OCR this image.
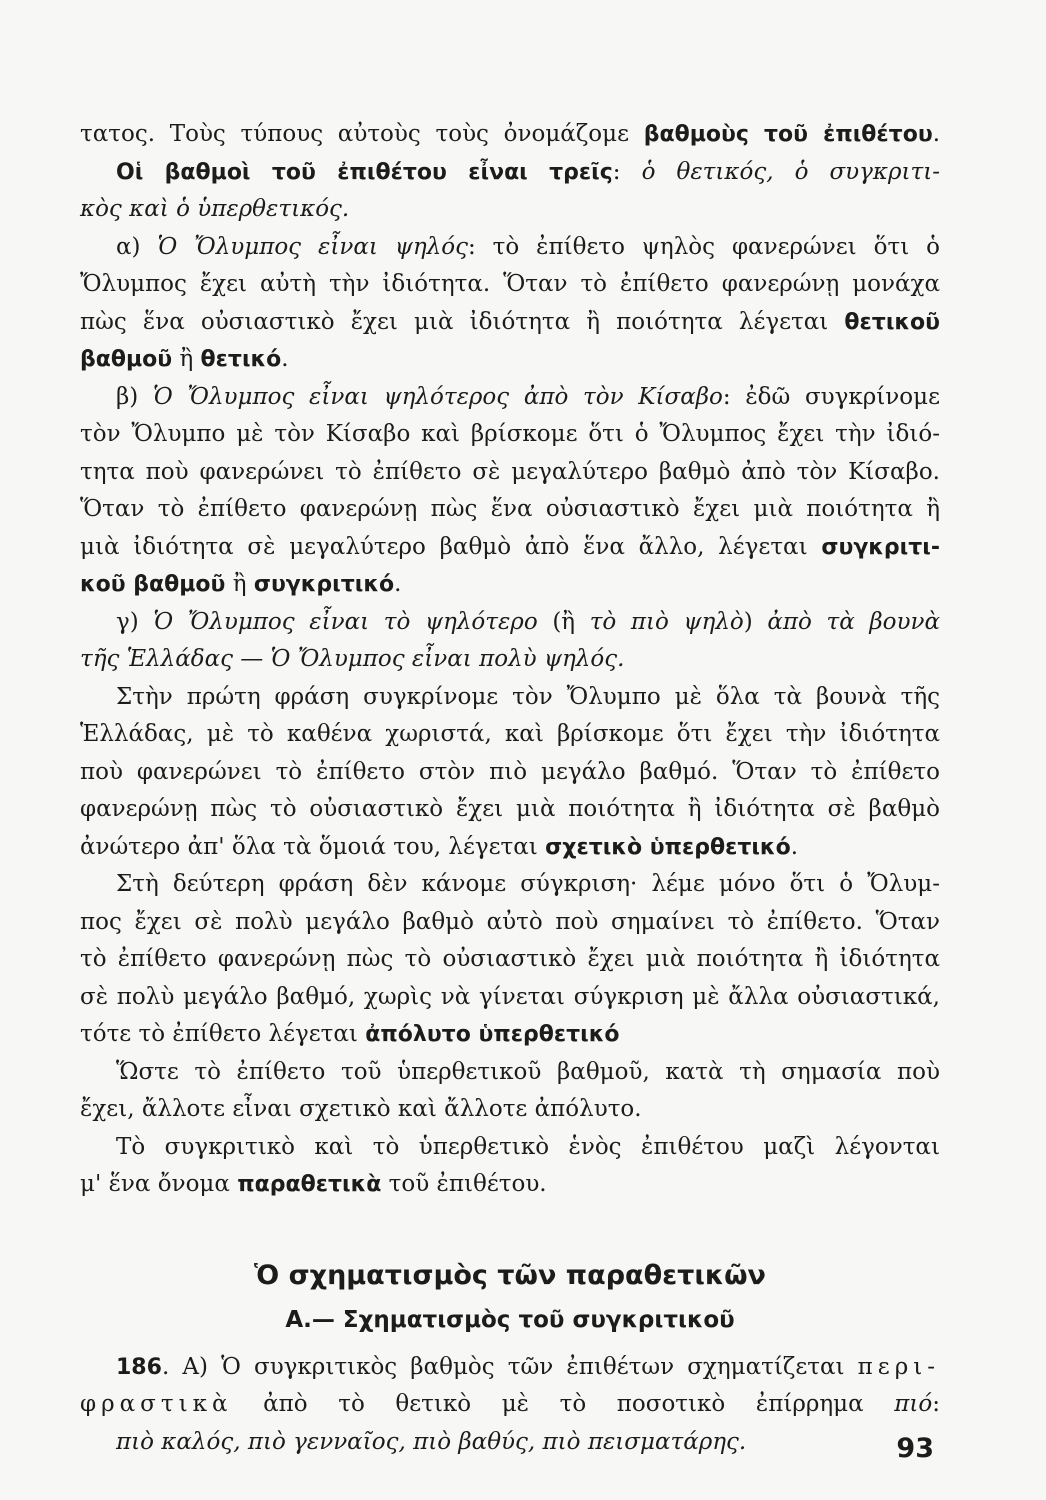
τατος. Τοὺς τύπους αὐτοὺς τοὺς ὀνομάζομε βαθμοὺς τοῦ ἐπιθέτου.
Οἱ βαθμοὶ τοῦ ἐπιθέτου εἶναι τρεῖς: ὁ θετικός, ὁ συγκριτι-
κὸς καὶ ὁ ὑπερθετικός.
α) Ὁ Ὄλυμπος εἶναι ψηλός: τὸ ἐπίθετο ψηλὸς φανερώνει ὅτι ὁ
Ὄλυμπος ἔχει αὐτὴ τὴν ἰδιότητα. Ὅταν τὸ ἐπίθετο φανερώνῃ μονάχα
πὼς ἕνα οὐσιαστικὸ ἔχει μιὰ ἰδιότητα ἢ ποιότητα λέγεται θετικοῦ
βαθμοῦ ἢ θετικό.
β) Ὁ Ὄλυμπος εἶναι ψηλότερος ἀπὸ τὸν Κίσαβο: ἐδῶ συγκρίνομε
τὸν Ὄλυμπο μὲ τὸν Κίσαβο καὶ βρίσκομε ὅτι ὁ Ὄλυμπος ἔχει τὴν ἰδιό-
τητα ποὺ φανερώνει τὸ ἐπίθετο σὲ μεγαλύτερο βαθμὸ ἀπὸ τὸν Κίσαβο.
Ὅταν τὸ ἐπίθετο φανερώνῃ πὼς ἕνα οὐσιαστικὸ ἔχει μιὰ ποιότητα ἢ
μιὰ ἰδιότητα σὲ μεγαλύτερο βαθμὸ ἀπὸ ἕνα ἄλλο, λέγεται συγκριτι-
κοῦ βαθμοῦ ἢ συγκριτικό.
γ) Ὁ Ὄλυμπος εἶναι τὸ ψηλότερο (ἢ τὸ πιὸ ψηλὸ) ἀπὸ τὰ βουνὰ
τῆς Ἑλλάδας — Ὁ Ὄλυμπος εἶναι πολὺ ψηλός.
Στὴν πρώτη φράση συγκρίνομε τὸν Ὄλυμπο μὲ ὅλα τὰ βουνὰ τῆς
Ἑλλάδας, μὲ τὸ καθένα χωριστά, καὶ βρίσκομε ὅτι ἔχει τὴν ἰδιότητα
ποὺ φανερώνει τὸ ἐπίθετο στὸν πιὸ μεγάλο βαθμό. Ὅταν τὸ ἐπίθετο
φανερώνῃ πὼς τὸ οὐσιαστικὸ ἔχει μιὰ ποιότητα ἢ ἰδιότητα σὲ βαθμὸ
ἀνώτερο ἀπ' ὅλα τὰ ὅμοιά του, λέγεται σχετικὸ ὑπερθετικό.
Στὴ δεύτερη φράση δὲν κάνομε σύγκριση· λέμε μόνο ὅτι ὁ Ὄλυμ-
πος ἔχει σὲ πολὺ μεγάλο βαθμὸ αὐτὸ ποὺ σημαίνει τὸ ἐπίθετο. Ὅταν
τὸ ἐπίθετο φανερώνῃ πὼς τὸ οὐσιαστικὸ ἔχει μιὰ ποιότητα ἢ ἰδιότητα
σὲ πολὺ μεγάλο βαθμό, χωρὶς νὰ γίνεται σύγκριση μὲ ἄλλα οὐσιαστικά,
τότε τὸ ἐπίθετο λέγεται ἀπόλυτο ὑπερθετικό
Ὥστε τὸ ἐπίθετο τοῦ ὑπερθετικοῦ βαθμοῦ, κατὰ τὴ σημασία ποὺ
ἔχει, ἄλλοτε εἶναι σχετικὸ καὶ ἄλλοτε ἀπόλυτο.
Τὸ συγκριτικὸ καὶ τὸ ὑπερθετικὸ ἑνὸς ἐπιθέτου μαζὶ λέγονται
μ' ἕνα ὄνομα παραθετικὰ τοῦ ἐπιθέτου.
Ὁ σχηματισμὸς τῶν παραθετικῶν
Α.— Σχηματισμὸς τοῦ συγκριτικοῦ
186. Α) Ὁ συγκριτικὸς βαθμὸς τῶν ἐπιθέτων σχηματίζεται περι-
φραστικὰ ἀπὸ τὸ θετικὸ μὲ τὸ ποσοτικὸ ἐπίρρημα πιό:
πιὸ καλός, πιὸ γενναῖος, πιὸ βαθύς, πιὸ πεισματάρης.	93
